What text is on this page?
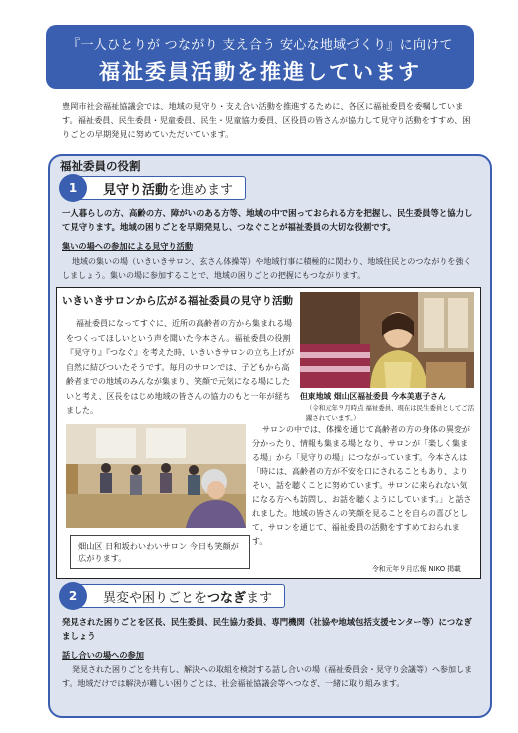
『一人ひとりが つながり 支え合う 安心な地域づくり』に向けて
福祉委員活動を推進しています
豊岡市社会福祉協議会では、地域の見守り・支え合い活動を推進するために、各区に福祉委員を委嘱しています。福祉委員、民生委員・児童委員、民生・児童協力委員、区役員の皆さんが協力して見守り活動をすすめ、困りごとの早期発見に努めていただいています。
福祉委員の役割
1	見守り活動 を進めます
一人暮らしの方、高齢の方、障がいのある方等、地域の中で困っておられる方を把握し、民生委員等と協力して見守ります。地域の困りごとを早期発見し、つなぐことが福祉委員の大切な役割です。
集いの場への参加による見守り活動
地域の集いの場（いきいきサロン、玄さん体操等）や地域行事に積極的に関わり、地域住民とのつながりを強くしましょう。集いの場に参加することで、地域の困りごとの把握にもつながります。
いきいきサロンから広がる福祉委員の見守り活動
福祉委員になってすぐに、近所の高齢者の方から集まれる場をつくってほしいという声を聞いた今本さん。福祉委員の役割『見守り』『つなぐ』を考えた時、いきいきサロンの立ち上げが自然に結びついたそうです。毎月のサロンでは、子どもから高齢者までの地域のみんなが集まり、笑顔で元気になる場にしたいと考え、区長をはじめ地域の皆さんの協力のもと一年が経ちました。
但東地域 畑山区福祉委員 今本美恵子さん
（令和元年９月時点 福祉委員、現在は民生委員としてご活躍されています。）
畑山区 日和坂わいわいサロン 今日も笑顔が広がります。
サロンの中では、体操を通じて高齢者の方の身体の異変が分かったり、情報も集まる場となり、サロンが「楽しく集まる場」から「見守りの場」につながっています。今本さんは「時には、高齢者の方が不安を口にされることもあり、よりそい、話を聴くことに努めています。サロンに来られない気になる方へも訪問し、お話を聴くようにしています。」と話されました。地域の皆さんの笑顔を見ることを自らの喜びとして、サロンを通じて、福祉委員の活動をすすめておられます。
令和元年９月広報 NIKO 掲載
2	異変や困りごとを つなぎ ます
発見された困りごとを区長、民生委員、民生協力委員、専門機関（社協や地域包括支援センター等）につなぎましょう
話し合いの場への参加
発見された困りごとを共有し、解決への取組を検討する話し合いの場（福祉委員会・見守り会議等）へ参加します。地域だけでは解決が難しい困りごとは、社会福祉協議会等へつなぎ、一緒に取り組みます。
